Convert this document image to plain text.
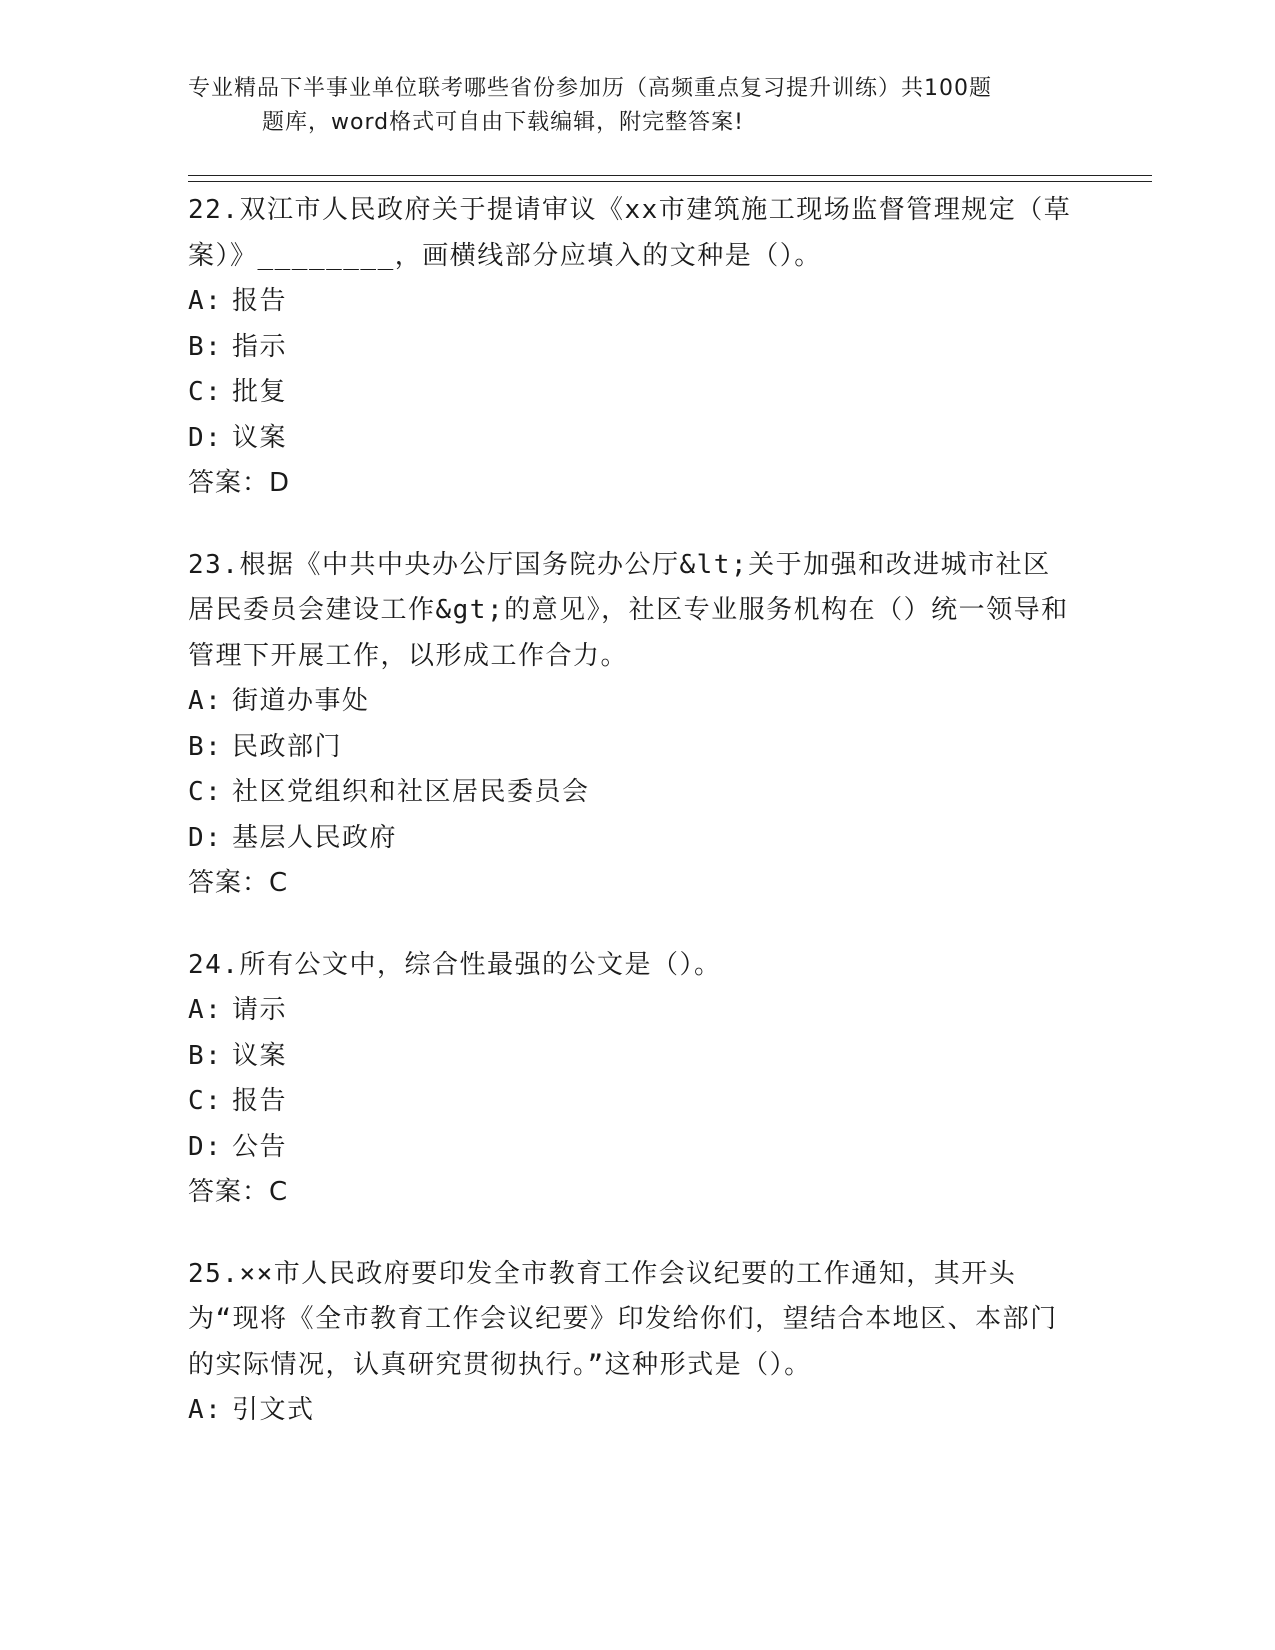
专业精品下半事业单位联考哪些省份参加历（高频重点复习提升训练）共100题
题库，word格式可自由下载编辑，附完整答案!

22.双江市人民政府关于提请审议《xx市建筑施工现场监督管理规定（草案）》________，画横线部分应填入的文种是（）。

A: 报告

B: 指示

C: 批复

D: 议案

答案：D

23.根据《中共中央办公厅国务院办公厅&lt;关于加强和改进城市社区居民委员会建设工作&gt;的意见》，社区专业服务机构在（）统一领导和管理下开展工作，以形成工作合力。

A: 街道办事处

B: 民政部门

C: 社区党组织和社区居民委员会

D: 基层人民政府

答案：C

24.所有公文中，综合性最强的公文是（）。

A: 请示

B: 议案

C: 报告

D: 公告

答案：C

25.××市人民政府要印发全市教育工作会议纪要的工作通知，其开头为“现将《全市教育工作会议纪要》印发给你们，望结合本地区、本部门的实际情况，认真研究贯彻执行。”这种形式是（）。

A: 引文式
